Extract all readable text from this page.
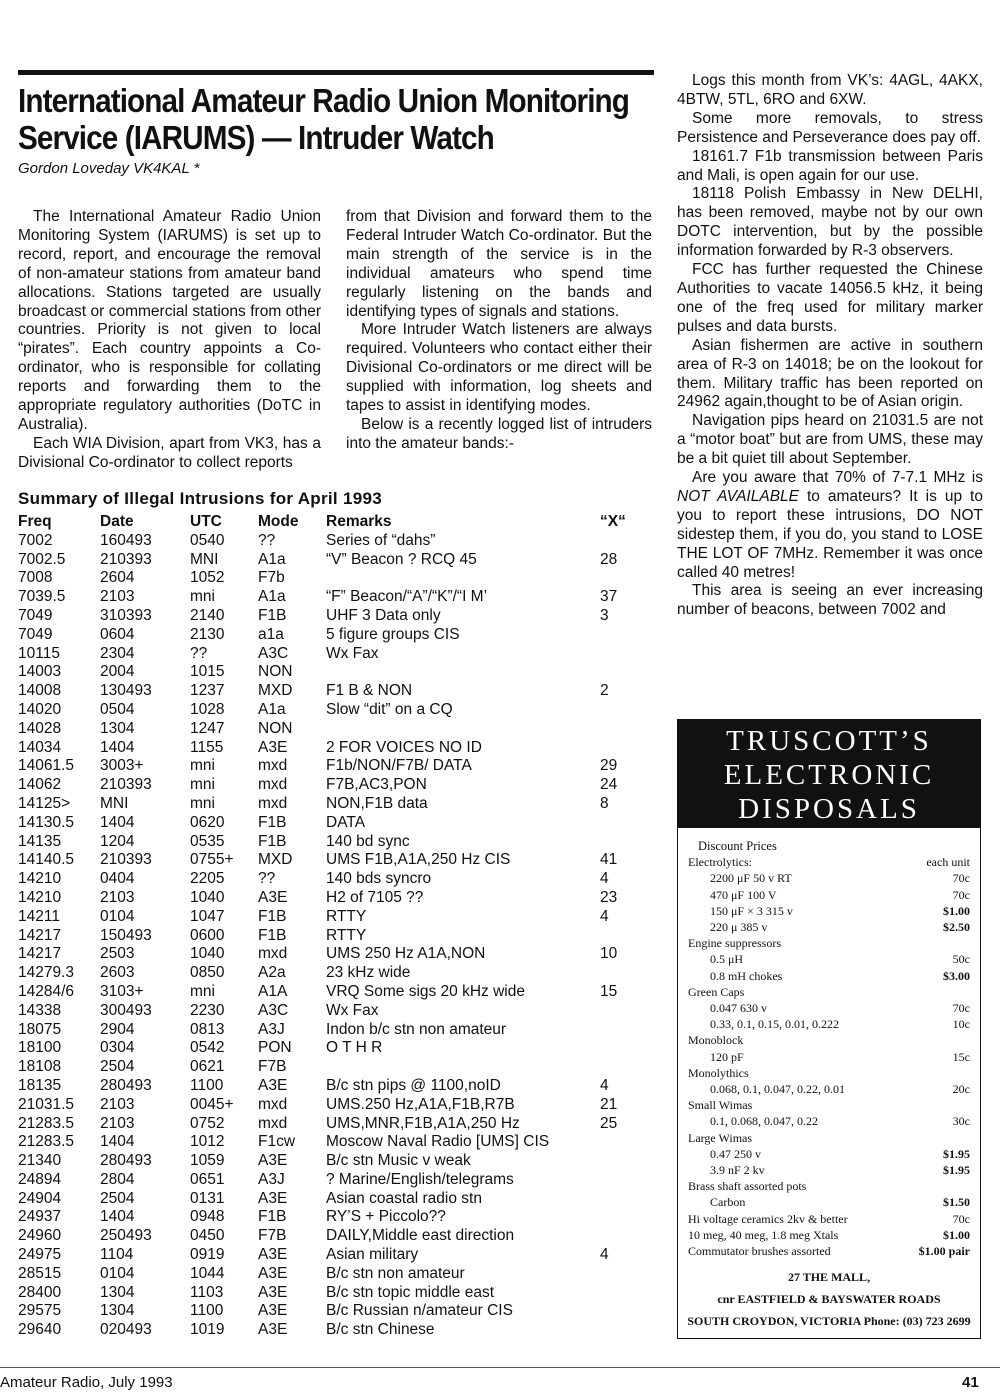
International Amateur Radio Union Monitoring
Service (IARUMS) — Intruder Watch
Gordon Loveday VK4KAL *

The International Amateur Radio Union Monitoring System (IARUMS) is set up to record, report, and encourage the removal of non-amateur stations from amateur band allocations. Stations targeted are usually broadcast or commercial stations from other countries. Priority is not given to local “pirates”. Each country appoints a Co-ordinator, who is responsible for collating reports and forwarding them to the appropriate regulatory authorities (DoTC in Australia).

Each WIA Division, apart from VK3, has a Divisional Co-ordinator to collect reports

from that Division and forward them to the Federal Intruder Watch Co-ordinator. But the main strength of the service is in the individual amateurs who spend time regularly listening on the bands and identifying types of signals and stations.

More Intruder Watch listeners are always required. Volunteers who contact either their Divisional Co-ordinators or me direct will be supplied with information, log sheets and tapes to assist in identifying modes.

Below is a recently logged list of intruders into the amateur bands:-

Logs this month from VK’s: 4AGL, 4AKX, 4BTW, 5TL, 6RO and 6XW.

Some more removals, to stress Persistence and Perseverance does pay off.

18161.7 F1b transmission between Paris and Mali, is open again for our use.

18118 Polish Embassy in New DELHI, has been removed, maybe not by our own DOTC intervention, but by the possible information forwarded by R-3 observers.

FCC has further requested the Chinese Authorities to vacate 14056.5 kHz, it being one of the freq used for military marker pulses and data bursts.

Asian fishermen are active in southern area of R-3 on 14018; be on the lookout for them. Military traffic has been reported on 24962 again,thought to be of Asian origin.

Navigation pips heard on 21031.5 are not a “motor boat” but are from UMS, these may be a bit quiet till about September.

Are you aware that 70% of 7-7.1 MHz is NOT AVAILABLE to amateurs? It is up to you to report these intrusions, DO NOT sidestep them, if you do, you stand to LOSE THE LOT OF 7MHz. Remember it was once called 40 metres!

This area is seeing an ever increasing number of beacons, between 7002 and

Summary of Illegal Intrusions for April 1993
Freq	Date	UTC	Mode	Remarks	“X“
7002	160493	0540	??	Series of “dahs”	
7002.5	210393	MNI	A1a	“V” Beacon ? RCQ 45	28
7008	2604	1052	F7b		
7039.5	2103	mni	A1a	“F” Beacon/“A”/“K”/“I M’	37
7049	310393	2140	F1B	UHF 3 Data only	3
7049	0604	2130	a1a	5 figure groups CIS	
10115	2304	??	A3C	Wx Fax	
14003	2004	1015	NON		
14008	130493	1237	MXD	F1 B & NON	2
14020	0504	1028	A1a	Slow “dit” on a CQ	
14028	1304	1247	NON		
14034	1404	1155	A3E	2 FOR VOICES NO ID	
14061.5	3003+	mni	mxd	F1b/NON/F7B/ DATA	29
14062	210393	mni	mxd	F7B,AC3,PON	24
14125>	MNI	mni	mxd	NON,F1B data	8
14130.5	1404	0620	F1B	DATA	
14135	1204	0535	F1B	140 bd sync	
14140.5	210393	0755+	MXD	UMS F1B,A1A,250 Hz CIS	41
14210	0404	2205	??	140 bds syncro	4
14210	2103	1040	A3E	H2 of 7105 ??	23
14211	0104	1047	F1B	RTTY	4
14217	150493	0600	F1B	RTTY	
14217	2503	1040	mxd	UMS 250 Hz A1A,NON	10
14279.3	2603	0850	A2a	23 kHz wide	
14284/6	3103+	mni	A1A	VRQ Some sigs 20 kHz wide	15
14338	300493	2230	A3C	Wx Fax	
18075	2904	0813	A3J	Indon b/c stn non amateur	
18100	0304	0542	PON	O T H R	
18108	2504	0621	F7B		
18135	280493	1100	A3E	B/c stn pips @ 1100,noID	4
21031.5	2103	0045+	mxd	UMS.250 Hz,A1A,F1B,R7B	21
21283.5	2103	0752	mxd	UMS,MNR,F1B,A1A,250 Hz	25
21283.5	1404	1012	F1cw	Moscow Naval Radio [UMS] CIS	
21340	280493	1059	A3E	B/c stn Music v weak	
24894	2804	0651	A3J	? Marine/English/telegrams	
24904	2504	0131	A3E	Asian coastal radio stn	
24937	1404	0948	F1B	RY’S + Piccolo??	
24960	250493	0450	F7B	DAILY,Middle east direction	
24975	1104	0919	A3E	Asian military	4
28515	0104	1044	A3E	B/c stn non amateur	
28400	1304	1103	A3E	B/c stn topic middle east	
29575	1304	1100	A3E	B/c Russian n/amateur CIS	
29640	020493	1019	A3E	B/c stn Chinese	
TRUSCOTT’S
ELECTRONIC
DISPOSALS
Discount Prices
Electrolytics:	each unit
2200 μF 50 v RT	70c
470 μF 100 V	70c
150 μF × 3 315 v	$1.00
220 μ 385 v	$2.50
Engine suppressors
0.5 μH	50c
0.8 mH chokes	$3.00
Green Caps
0.047 630 v	70c
0.33, 0.1, 0.15, 0.01, 0.222	10c
Monoblock
120 pF	15c
Monolythics
0.068, 0.1, 0.047, 0.22, 0.01	20c
Small Wimas
0.1, 0.068, 0.047, 0.22	30c
Large Wimas
0.47 250 v	$1.95
3.9 nF 2 kv	$1.95
Brass shaft assorted pots
Carbon	$1.50
Hi voltage ceramics 2kv & better	70c
10 meg, 40 meg, 1.8 meg Xtals	$1.00
Commutator brushes assorted	$1.00 pair
27 THE MALL,
cnr EASTFIELD & BAYSWATER ROADS
SOUTH CROYDON, VICTORIA Phone: (03) 723 2699
Amateur Radio, July 1993	41
